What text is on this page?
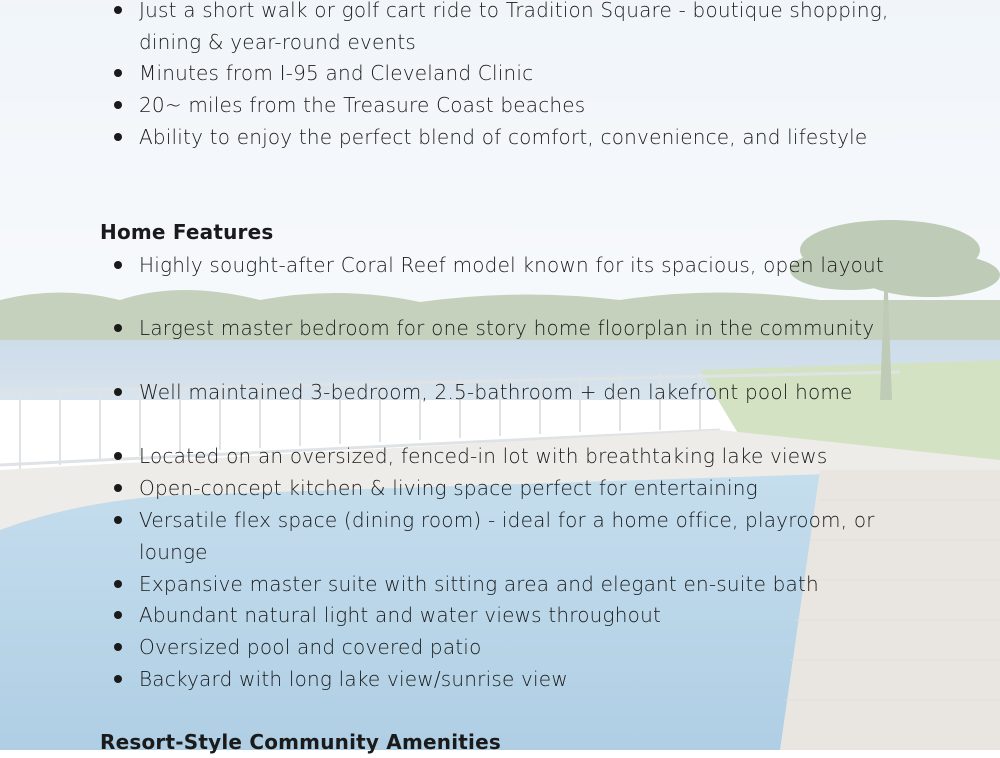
Just a short walk or golf cart ride to Tradition Square - boutique shopping, dining & year-round events
Minutes from I-95 and Cleveland Clinic
20~ miles from the Treasure Coast beaches
Ability to enjoy the perfect blend of comfort, convenience, and lifestyle
Home Features
Highly sought-after Coral Reef model known for its spacious, open layout
Largest master bedroom for one story home floorplan in the community
Well maintained 3-bedroom, 2.5-bathroom + den lakefront pool home
Located on an oversized, fenced-in lot with breathtaking lake views
Open-concept kitchen & living space perfect for entertaining
Versatile flex space (dining room) - ideal for a home office, playroom, or lounge
Expansive master suite with sitting area and elegant en-suite bath
Abundant natural light and water views throughout
Oversized pool and covered patio
Backyard with long lake view/sunrise view
Resort-Style Community Amenities
